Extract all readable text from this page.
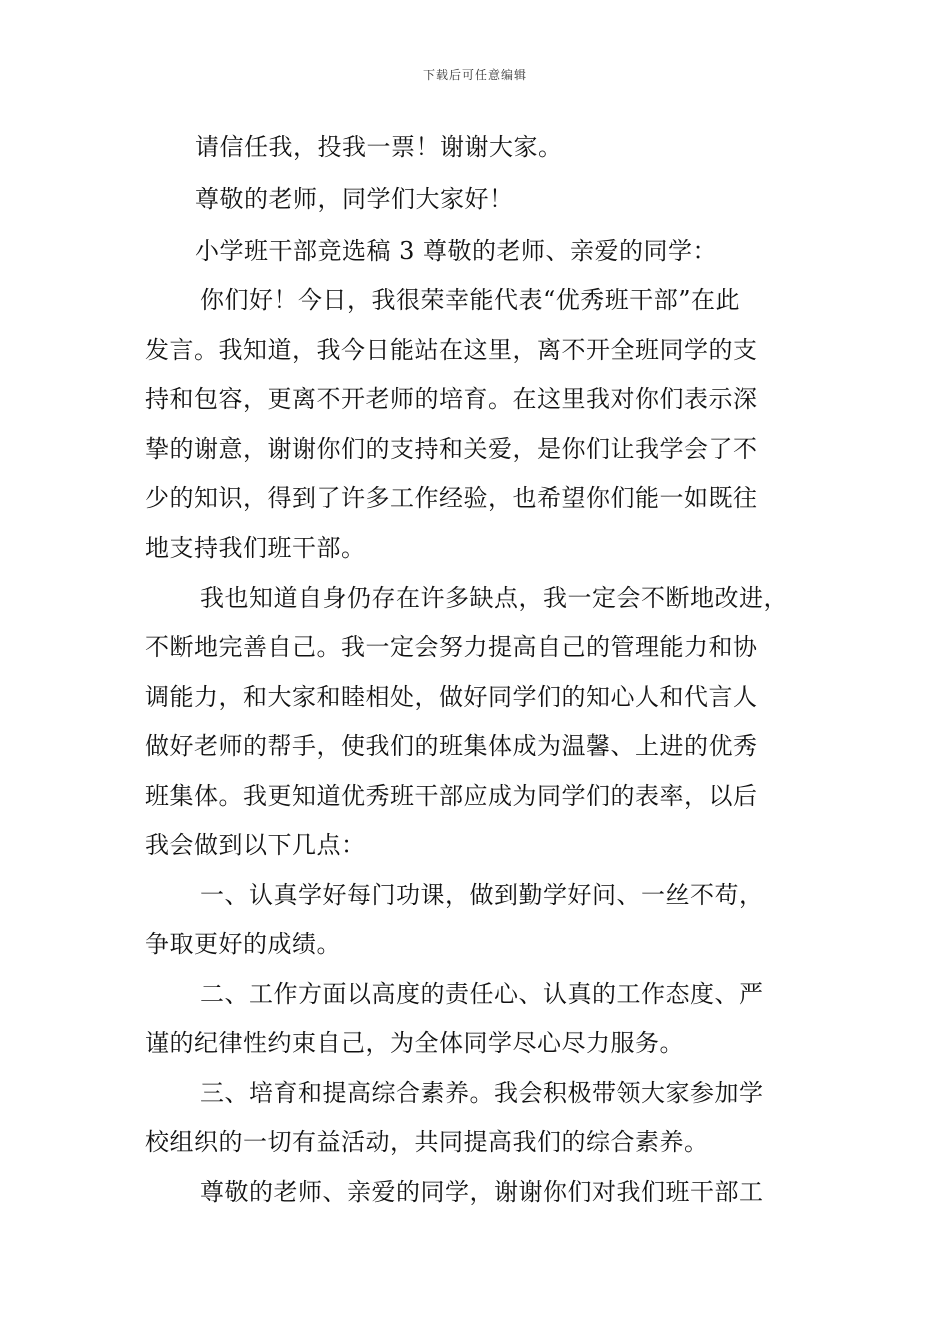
下载后可任意编辑
请信任我，投我一票！谢谢大家。
尊敬的老师，同学们大家好！
小学班干部竞选稿 3 尊敬的老师、亲爱的同学：
你们好！今日，我很荣幸能代表“优秀班干部”在此
发言。我知道，我今日能站在这里，离不开全班同学的支
持和包容，更离不开老师的培育。在这里我对你们表示深
挚的谢意，谢谢你们的支持和关爱，是你们让我学会了不
少的知识，得到了许多工作经验，也希望你们能一如既往
地支持我们班干部。
我也知道自身仍存在许多缺点，我一定会不断地改进，
不断地完善自己。我一定会努力提高自己的管理能力和协
调能力，和大家和睦相处，做好同学们的知心人和代言人
做好老师的帮手，使我们的班集体成为温馨、上进的优秀
班集体。我更知道优秀班干部应成为同学们的表率，以后
我会做到以下几点：
一、认真学好每门功课，做到勤学好问、一丝不苟，
争取更好的成绩。
二、工作方面以高度的责任心、认真的工作态度、严
谨的纪律性约束自己，为全体同学尽心尽力服务。
三、培育和提高综合素养。我会积极带领大家参加学
校组织的一切有益活动，共同提高我们的综合素养。
尊敬的老师、亲爱的同学，谢谢你们对我们班干部工
